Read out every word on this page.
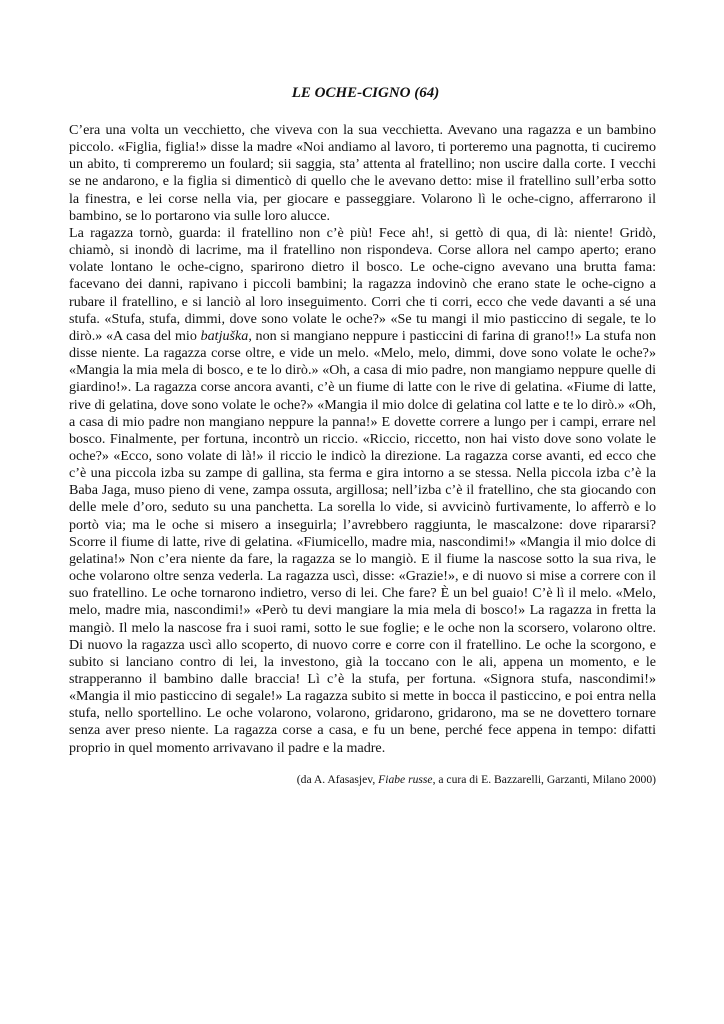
LE OCHE-CIGNO (64)

C’era una volta un vecchietto, che viveva con la sua vecchietta. Avevano una ragazza e un bambino piccolo. «Figlia, figlia!» disse la madre «Noi andiamo al lavoro, ti porteremo una pagnotta, ti cuciremo un abito, ti compreremo un foulard; sii saggia, sta’ attenta al fratellino; non uscire dalla corte. I vecchi se ne andarono, e la figlia si dimenticò di quello che le avevano detto: mise il fratellino sull’erba sotto la finestra, e lei corse nella via, per giocare e passeggiare. Volarono lì le oche-cigno, afferrarono il bambino, se lo portarono via sulle loro alucce.

La ragazza tornò, guarda: il fratellino non c’è più! Fece ah!, si gettò di qua, di là: niente! Gridò, chiamò, si inondò di lacrime, ma il fratellino non rispondeva. Corse allora nel campo aperto; erano volate lontano le oche-cigno, sparirono dietro il bosco. Le oche-cigno avevano una brutta fama: facevano dei danni, rapivano i piccoli bambini; la ragazza indovinò che erano state le oche-cigno a rubare il fratellino, e si lanciò al loro inseguimento. Corri che ti corri, ecco che vede davanti a sé una stufa. «Stufa, stufa, dimmi, dove sono volate le oche?» «Se tu mangi il mio pasticcino di segale, te lo dirò.» «A casa del mio batjuška, non si mangiano neppure i pasticcini di farina di grano!!» La stufa non disse niente. La ragazza corse oltre, e vide un melo. «Melo, melo, dimmi, dove sono volate le oche?» «Mangia la mia mela di bosco, e te lo dirò.» «Oh, a casa di mio padre, non mangiamo neppure quelle di giardino!». La ragazza corse ancora avanti, c’è un fiume di latte con le rive di gelatina. «Fiume di latte, rive di gelatina, dove sono volate le oche?» «Mangia il mio dolce di gelatina col latte e te lo dirò.» «Oh, a casa di mio padre non mangiano neppure la panna!» E dovette correre a lungo per i campi, errare nel bosco. Finalmente, per fortuna, incontrò un riccio. «Riccio, riccetto, non hai visto dove sono volate le oche?» «Ecco, sono volate di là!» il riccio le indicò la direzione. La ragazza corse avanti, ed ecco che c’è una piccola izba su zampe di gallina, sta ferma e gira intorno a se stessa. Nella piccola izba c’è la Baba Jaga, muso pieno di vene, zampa ossuta, argillosa; nell’izba c’è il fratellino, che sta giocando con delle mele d’oro, seduto su una panchetta. La sorella lo vide, si avvicinò furtivamente, lo afferrò e lo portò via; ma le oche si misero a inseguirla; l’avrebbero raggiunta, le mascalzone: dove ripararsi? Scorre il fiume di latte, rive di gelatina. «Fiumicello, madre mia, nascondimi!» «Mangia il mio dolce di gelatina!» Non c’era niente da fare, la ragazza se lo mangiò. E il fiume la nascose sotto la sua riva, le oche volarono oltre senza vederla. La ragazza uscì, disse: «Grazie!», e di nuovo si mise a correre con il suo fratellino. Le oche tornarono indietro, verso di lei. Che fare? È un bel guaio! C’è lì il melo. «Melo, melo, madre mia, nascondimi!» «Però tu devi mangiare la mia mela di bosco!» La ragazza in fretta la mangiò. Il melo la nascose fra i suoi rami, sotto le sue foglie; e le oche non la scorsero, volarono oltre. Di nuovo la ragazza uscì allo scoperto, di nuovo corre e corre con il fratellino. Le oche la scorgono, e subito si lanciano contro di lei, la investono, già la toccano con le ali, appena un momento, e le strapperanno il bambino dalle braccia! Lì c’è la stufa, per fortuna. «Signora stufa, nascondimi!» «Mangia il mio pasticcino di segale!» La ragazza subito si mette in bocca il pasticcino, e poi entra nella stufa, nello sportellino. Le oche volarono, volarono, gridarono, gridarono, ma se ne dovettero tornare senza aver preso niente. La ragazza corse a casa, e fu un bene, perché fece appena in tempo: difatti proprio in quel momento arrivavano il padre e la madre.

(da A. Afasasjev, Fiabe russe, a cura di E. Bazzarelli, Garzanti, Milano 2000)
